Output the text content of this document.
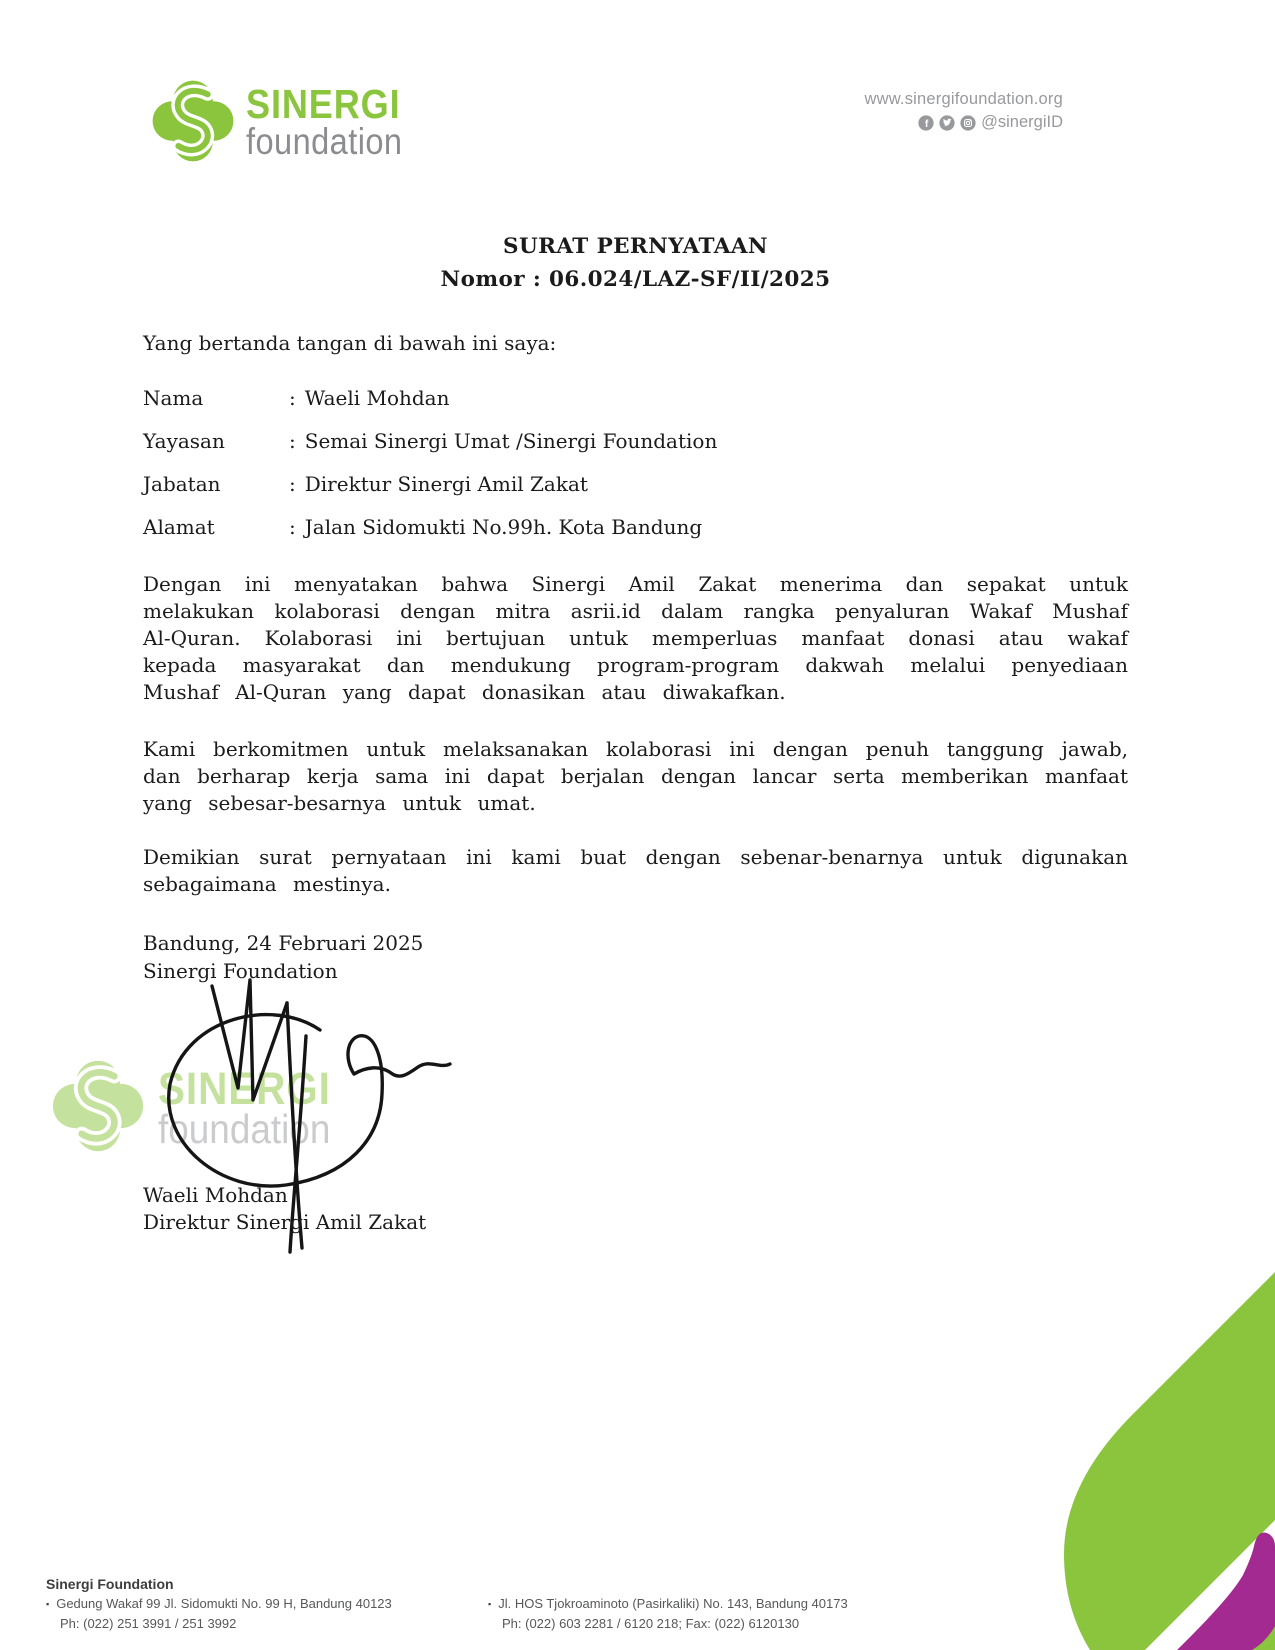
SINERGI
foundation
www.sinergifoundation.org
f	@sinergiID
SURAT PERNYATAAN
Nomor : 06.024/LAZ-SF/II/2025
Yang bertanda tangan di bawah ini saya:
Nama	: Waeli Mohdan
Yayasan	: Semai Sinergi Umat /Sinergi Foundation
Jabatan	: Direktur Sinergi Amil Zakat
Alamat	: Jalan Sidomukti No.99h. Kota Bandung
Dengan ini menyatakan bahwa Sinergi Amil Zakat menerima dan sepakat untuk melakukan kolaborasi dengan mitra asrii.id dalam rangka penyaluran Wakaf Mushaf Al-Quran. Kolaborasi ini bertujuan untuk memperluas manfaat donasi atau wakaf kepada masyarakat dan mendukung program-program dakwah melalui penyediaan Mushaf Al-Quran yang dapat donasikan atau diwakafkan.
Kami berkomitmen untuk melaksanakan kolaborasi ini dengan penuh tanggung jawab, dan berharap kerja sama ini dapat berjalan dengan lancar serta memberikan manfaat yang sebesar-besarnya untuk umat.
Demikian surat pernyataan ini kami buat dengan sebenar-benarnya untuk digunakan sebagaimana mestinya.
Bandung, 24 Februari 2025
Sinergi Foundation
SINERGI
foundation
Waeli Mohdan
Direktur Sinergi Amil Zakat
Sinergi Foundation
▪ Gedung Wakaf 99 Jl. Sidomukti No. 99 H, Bandung 40123
Ph: (022) 251 3991 / 251 3992
▪ Jl. HOS Tjokroaminoto (Pasirkaliki) No. 143, Bandung 40173
Ph: (022) 603 2281 / 6120 218; Fax: (022) 6120130
